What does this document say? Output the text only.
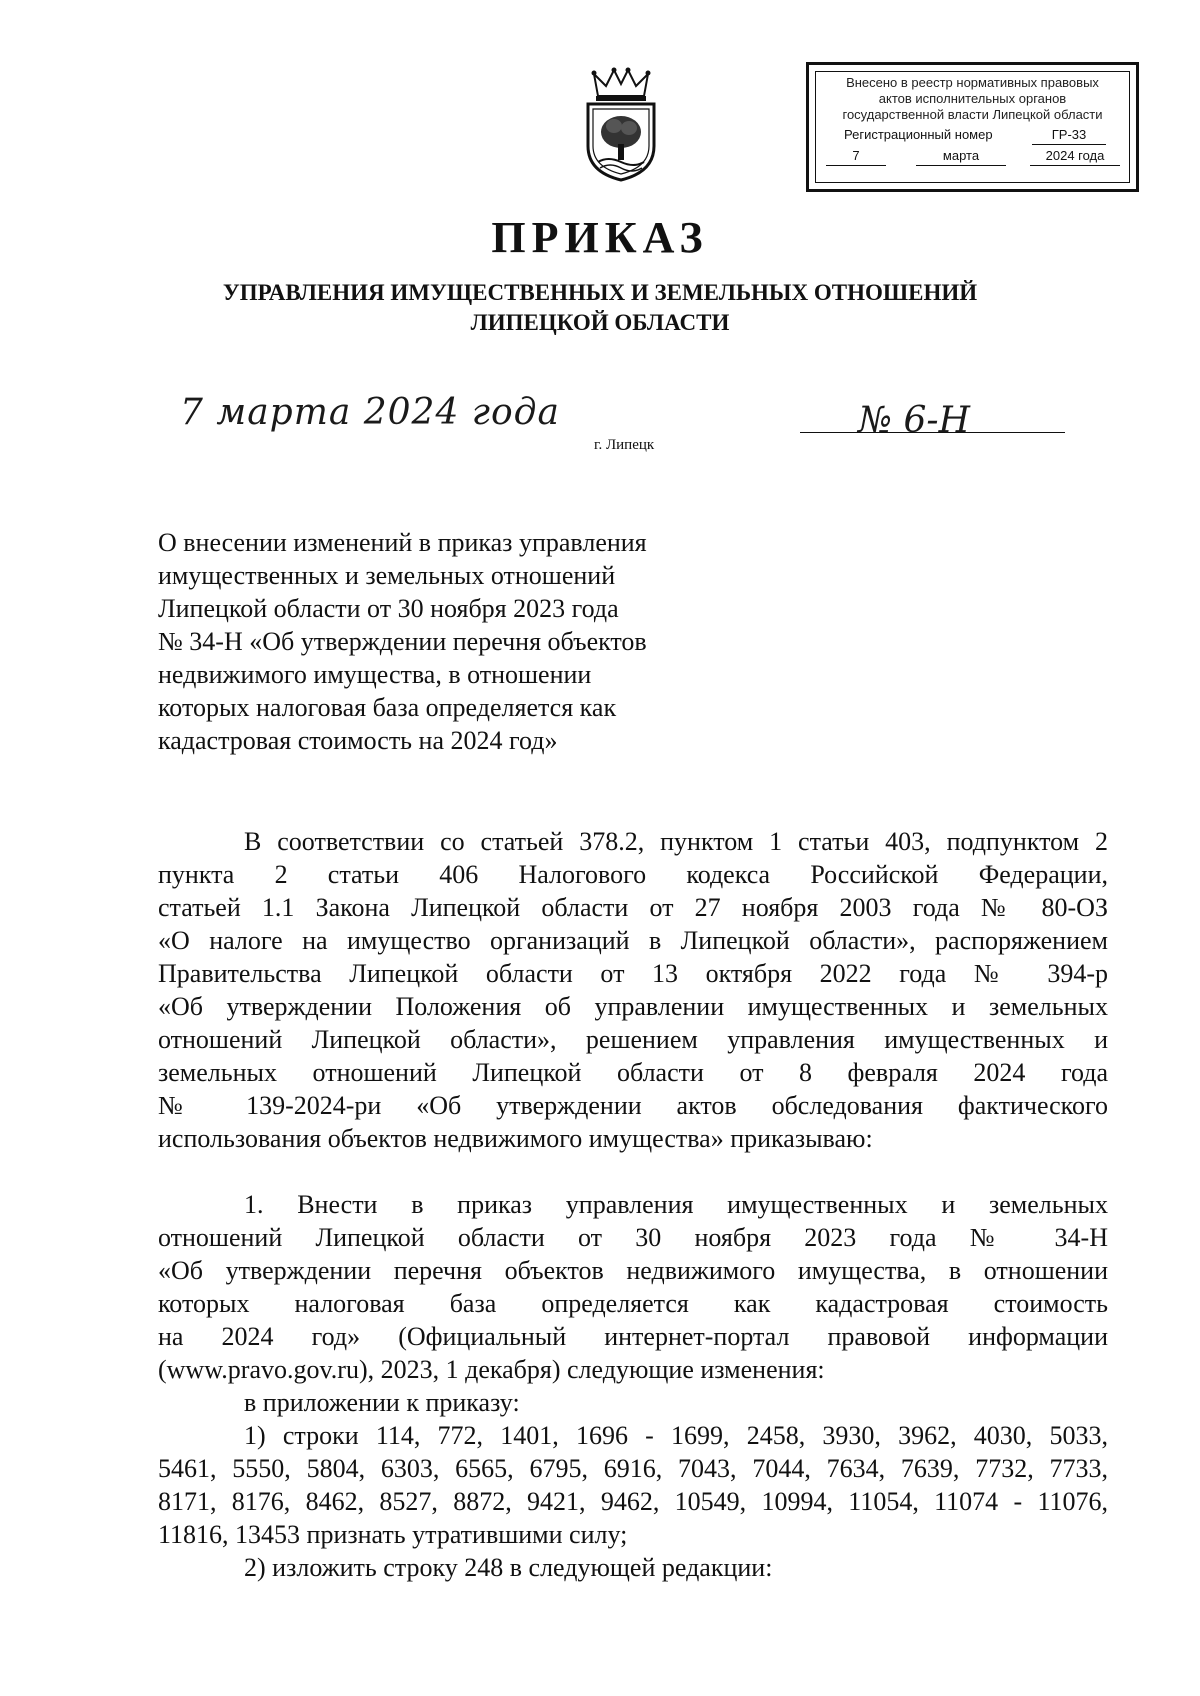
Внесено в реестр нормативных правовых
актов исполнительных органов
государственной власти Липецкой области
Регистрационный номер	ГР-33
7	марта	2024 года
ПРИКАЗ
УПРАВЛЕНИЯ ИМУЩЕСТВЕННЫХ И ЗЕМЕЛЬНЫХ ОТНОШЕНИЙ
ЛИПЕЦКОЙ ОБЛАСТИ
7 марта 2024 года	№ 6-Н
г. Липецк
О внесении изменений в приказ управления
имущественных и земельных отношений
Липецкой области от 30 ноября 2023 года
№ 34-Н «Об утверждении перечня объектов
недвижимого имущества, в отношении
которых налоговая база определяется как
кадастровая стоимость на 2024 год»
В соответствии со статьей 378.2, пунктом 1 статьи 403, подпунктом 2
пункта 2 статьи 406 Налогового кодекса Российской Федерации,
статьей 1.1 Закона Липецкой области от 27 ноября 2003 года № 80-ОЗ
«О налоге на имущество организаций в Липецкой области», распоряжением
Правительства Липецкой области от 13 октября 2022 года № 394-р
«Об утверждении Положения об управлении имущественных и земельных
отношений Липецкой области», решением управления имущественных и
земельных отношений Липецкой области от 8 февраля 2024 года
№ 139-2024-ри «Об утверждении актов обследования фактического
использования объектов недвижимого имущества» приказываю:
1. Внести в приказ управления имущественных и земельных
отношений Липецкой области от 30 ноября 2023 года № 34-Н
«Об утверждении перечня объектов недвижимого имущества, в отношении
которых налоговая база определяется как кадастровая стоимость
на 2024 год» (Официальный интернет-портал правовой информации
(www.pravo.gov.ru), 2023, 1 декабря) следующие изменения:
в приложении к приказу:
1) строки 114, 772, 1401, 1696 - 1699, 2458, 3930, 3962, 4030, 5033,
5461, 5550, 5804, 6303, 6565, 6795, 6916, 7043, 7044, 7634, 7639, 7732, 7733,
8171, 8176, 8462, 8527, 8872, 9421, 9462, 10549, 10994, 11054, 11074 - 11076,
11816, 13453 признать утратившими силу;
2) изложить строку 248 в следующей редакции:
